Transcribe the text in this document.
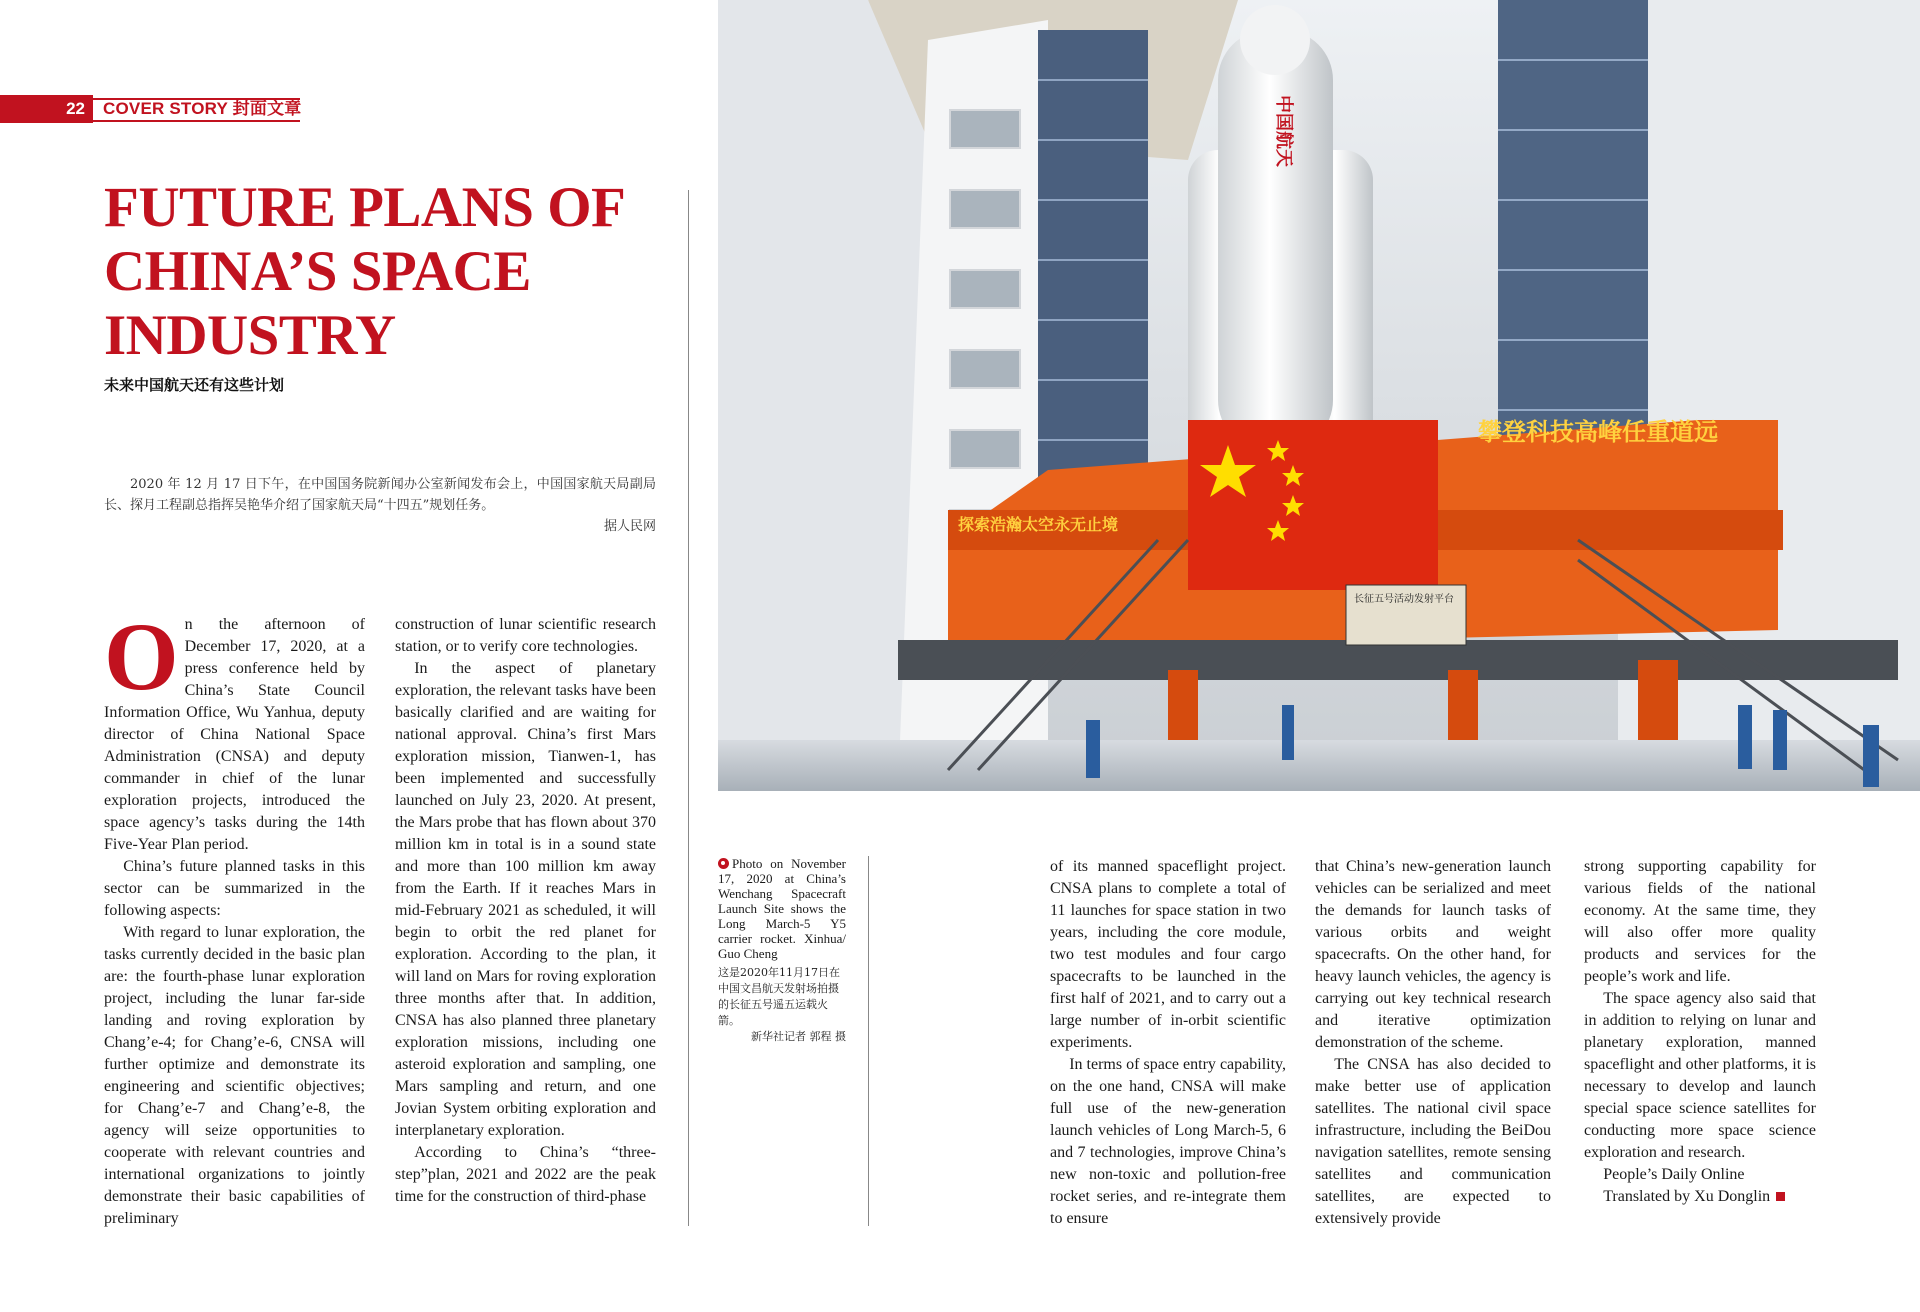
22	COVER STORY 封面文章
FUTURE PLANS OF CHINA’S SPACE INDUSTRY
未来中国航天还有这些计划

2020 年 12 月 17 日下午，在中国国务院新闻办公室新闻发布会上，中国国家航天局副局长、探月工程副总指挥吴艳华介绍了国家航天局“十四五”规划任务。

据人民网

On the afternoon of December 17, 2020, at a press conference held by China’s State Council Information Office, Wu Yanhua, deputy director of China National Space Administration (CNSA) and deputy commander in chief of the lunar exploration projects, introduced the space agency’s tasks during the 14th Five-Year Plan period.

China’s future planned tasks in this sector can be summarized in the following aspects:

With regard to lunar exploration, the tasks currently decided in the basic plan are: the fourth-phase lunar exploration project, including the lunar far-side landing and roving exploration by Chang’e-4; for Chang’e-6, CNSA will further optimize and demonstrate its engineering and scientific objectives; for Chang’e-7 and Chang’e-8, the agency will seize opportunities to cooperate with relevant countries and international organizations to jointly demonstrate their basic capabilities of preliminary

construction of lunar scientific research station, or to verify core technologies.

In the aspect of planetary exploration, the relevant tasks have been basically clarified and are waiting for national approval. China’s first Mars exploration mission, Tianwen-1, has been implemented and successfully launched on July 23, 2020. At present, the Mars probe that has flown about 370 million km in total is in a sound state and more than 100 million km away from the Earth. If it reaches Mars in mid-February 2021 as scheduled, it will begin to orbit the red planet for exploration. According to the plan, it will land on Mars for roving exploration three months after that. In addition, CNSA has also planned three planetary exploration missions, including one asteroid exploration and sampling, one Mars sampling and return, and one Jovian System orbiting exploration and interplanetary exploration.

According to China’s “three-step”plan, 2021 and 2022 are the peak time for the construction of third-phase

中国航天
攀登科技高峰任重道远
探索浩瀚太空永无止境
长征五号活动发射平台
Photo on November 17, 2020 at China’s Wenchang Spacecraft Launch Site shows the Long March-5 Y5 carrier rocket. Xinhua/ Guo Cheng
这是2020年11月17日在中国文昌航天发射场拍摄的长征五号遥五运载火箭。
新华社记者 郭程 摄

of its manned spaceflight project. CNSA plans to complete a total of 11 launches for space station in two years, including the core module, two test modules and four cargo spacecrafts to be launched in the first half of 2021, and to carry out a large number of in-orbit scientific experiments.

In terms of space entry capability, on the one hand, CNSA will make full use of the new-generation launch vehicles of Long March-5, 6 and 7 technologies, improve China’s new non-toxic and pollution-free rocket series, and re-integrate them to ensure

that China’s new-generation launch vehicles can be serialized and meet the demands for launch tasks of various orbits and weight spacecrafts. On the other hand, for heavy launch vehicles, the agency is carrying out key technical research and iterative optimization demonstration of the scheme.

The CNSA has also decided to make better use of application satellites. The national civil space infrastructure, including the BeiDou navigation satellites, remote sensing satellites and communication satellites, are expected to extensively provide

strong supporting capability for various fields of the national economy. At the same time, they will also offer more quality products and services for the people’s work and life.

The space agency also said that in addition to relying on lunar and planetary exploration, manned spaceflight and other platforms, it is necessary to develop and launch special space science satellites for conducting more space science exploration and research.

People’s Daily Online

Translated by Xu Donglin
